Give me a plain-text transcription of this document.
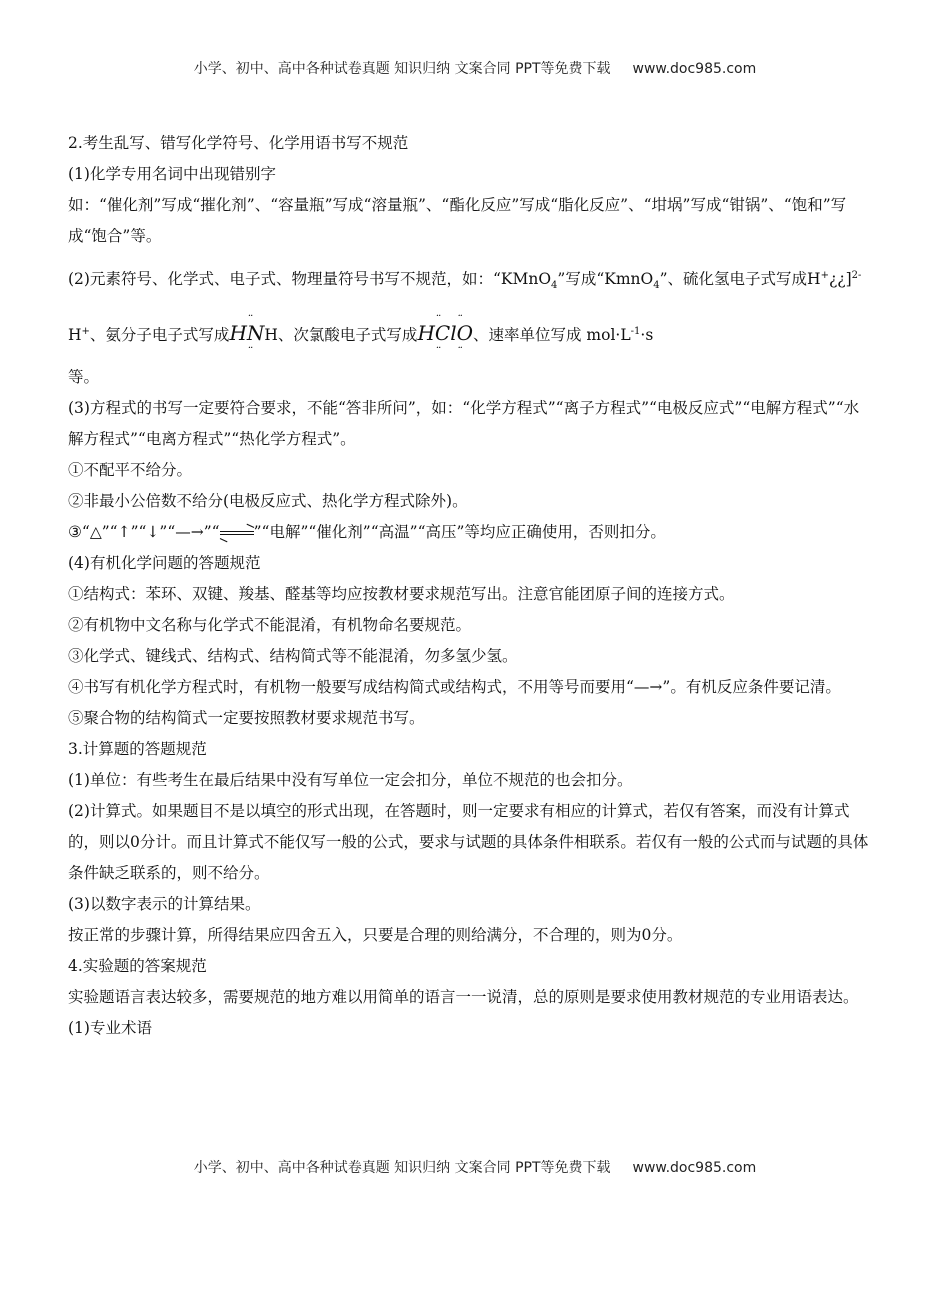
小学、初中、高中各种试卷真题 知识归纳 文案合同 PPT等免费下载 www.doc985.com

2.考生乱写、错写化学符号、化学用语书写不规范

(1)化学专用名词中出现错别字

如：“催化剂”写成“摧化剂”、“容量瓶”写成“溶量瓶”、“酯化反应”写成“脂化反应”、“坩埚”写成“钳锅”、“饱和”写成“饱合”等。

(2)元素符号、化学式、电子式、物理量符号书写不规范，如：“KMnO$_4$”写成“KmnO$_4$”、硫化氢电子式写成H+¿¿]$^{2-}$H+、氨分子电子式写成H·· N ··H、次氯酸电子式写成H·· Cl ···· O ··、速率单位写成 $mol\cdot L^{-1}\cdot s$

等。

(3)方程式的书写一定要符合要求，不能“答非所问”，如：“化学方程式”“离子方程式”“电极反应式”“电解方程式”“水解方程式”“电离方程式”“热化学方程式”。

①不配平不给分。

②非最小公倍数不给分(电极反应式、热化学方程式除外)。

③“△”“↑”“↓”“—→”“ ”“电解”“催化剂”“高温”“高压”等均应正确使用，否则扣分。

(4)有机化学问题的答题规范

①结构式：苯环、双键、羧基、醛基等均应按教材要求规范写出。注意官能团原子间的连接方式。

②有机物中文名称与化学式不能混淆，有机物命名要规范。

③化学式、键线式、结构式、结构简式等不能混淆，勿多氢少氢。

④书写有机化学方程式时，有机物一般要写成结构简式或结构式，不用等号而要用“—→”。有机反应条件要记清。

⑤聚合物的结构简式一定要按照教材要求规范书写。

3.计算题的答题规范

(1)单位：有些考生在最后结果中没有写单位一定会扣分，单位不规范的也会扣分。

(2)计算式。如果题目不是以填空的形式出现，在答题时，则一定要求有相应的计算式，若仅有答案，而没有计算式的，则以0分计。而且计算式不能仅写一般的公式，要求与试题的具体条件相联系。若仅有一般的公式而与试题的具体条件缺乏联系的，则不给分。

(3)以数字表示的计算结果。

按正常的步骤计算，所得结果应四舍五入，只要是合理的则给满分，不合理的，则为0分。

4.实验题的答案规范

实验题语言表达较多，需要规范的地方难以用简单的语言一一说清，总的原则是要求使用教材规范的专业用语表达。

(1)专业术语

小学、初中、高中各种试卷真题 知识归纳 文案合同 PPT等免费下载 www.doc985.com
